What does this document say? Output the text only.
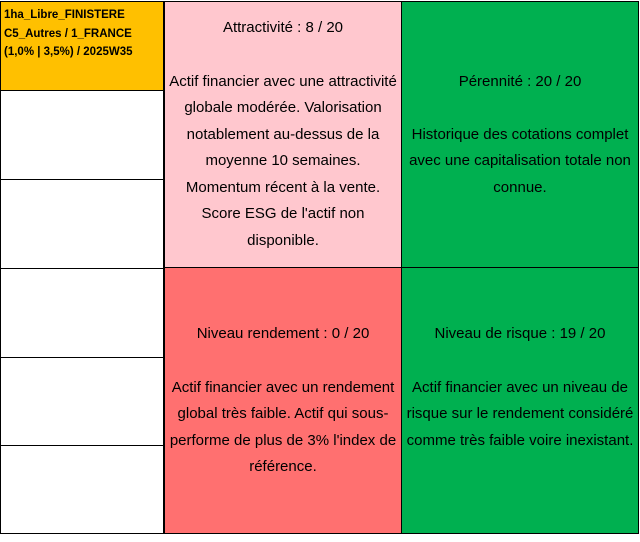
1ha_Libre_FINISTERE
C5_Autres / 1_FRANCE
(1,0% | 3,5%) / 2025W35
Attractivité : 8 / 20
Actif financier avec une attractivité globale modérée. Valorisation notablement au-dessus de la moyenne 10 semaines. Momentum récent à la vente. Score ESG de l'actif non disponible.
Pérennité : 20 / 20
Historique des cotations complet avec une capitalisation totale non connue.
Niveau rendement : 0 / 20
Actif financier avec un rendement global très faible. Actif qui sous-performe de plus de 3% l'index de référence.
Niveau de risque : 19 / 20
Actif financier avec un niveau de risque sur le rendement considéré comme très faible voire inexistant.
